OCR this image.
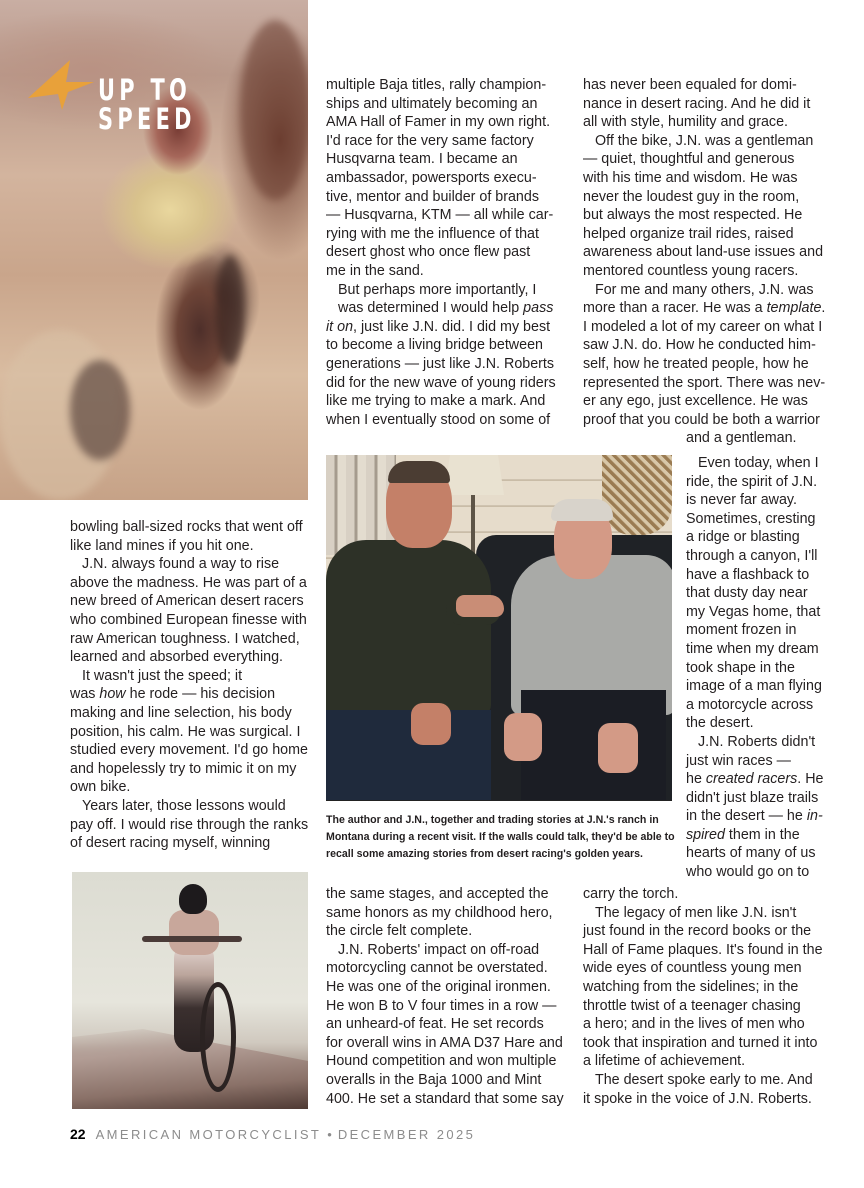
UP TO SPEED

multiple Baja titles, rally champion-
ships and ultimately becoming an
AMA Hall of Famer in my own right.
I'd race for the very same factory
Husqvarna team. I became an
ambassador, powersports execu-
tive, mentor and builder of brands
— Husqvarna, KTM — all while car-
rying with me the influence of that
desert ghost who once flew past
me in the sand.

But perhaps more importantly, I
was determined I would help pass
it on, just like J.N. did. I did my best
to become a living bridge between
generations — just like J.N. Roberts
did for the new wave of young riders
like me trying to make a mark. And
when I eventually stood on some of

has never been equaled for domi-
nance in desert racing. And he did it
all with style, humility and grace.

Off the bike, J.N. was a gentleman
— quiet, thoughtful and generous
with his time and wisdom. He was
never the loudest guy in the room,
but always the most respected. He
helped organize trail rides, raised
awareness about land-use issues and
mentored countless young racers.

For me and many others, J.N. was
more than a racer. He was a template.
I modeled a lot of my career on what I
saw J.N. do. How he conducted him-
self, how he treated people, how he
represented the sport. There was nev-
er any ego, just excellence. He was
proof that you could be both a warrior
and a gentleman.

Even today, when I
ride, the spirit of J.N.
is never far away.
Sometimes, cresting
a ridge or blasting
through a canyon, I'll
have a flashback to
that dusty day near
my Vegas home, that
moment frozen in
time when my dream
took shape in the
image of a man flying
a motorcycle across
the desert.

J.N. Roberts didn't
just win races —
he created racers. He
didn't just blaze trails
in the desert — he in-
spired them in the
hearts of many of us
who would go on to

The author and J.N., together and trading stories at J.N.'s ranch in
Montana during a recent visit. If the walls could talk, they'd be able to
recall some amazing stories from desert racing's golden years.

bowling ball-sized rocks that went off
like land mines if you hit one.

J.N. always found a way to rise
above the madness. He was part of a
new breed of American desert racers
who combined European finesse with
raw American toughness. I watched,
learned and absorbed everything.

It wasn't just the speed; it
was how he rode — his decision
making and line selection, his body
position, his calm. He was surgical. I
studied every movement. I'd go home
and hopelessly try to mimic it on my
own bike.

Years later, those lessons would
pay off. I would rise through the ranks
of desert racing myself, winning

the same stages, and accepted the
same honors as my childhood hero,
the circle felt complete.

J.N. Roberts' impact on off-road
motorcycling cannot be overstated.
He was one of the original ironmen.
He won B to V four times in a row —
an unheard-of feat. He set records
for overall wins in AMA D37 Hare and
Hound competition and won multiple
overalls in the Baja 1000 and Mint
400. He set a standard that some say

carry the torch.

The legacy of men like J.N. isn't
just found in the record books or the
Hall of Fame plaques. It's found in the
wide eyes of countless young men
watching from the sidelines; in the
throttle twist of a teenager chasing
a hero; and in the lives of men who
took that inspiration and turned it into
a lifetime of achievement.

The desert spoke early to me. And
it spoke in the voice of J.N. Roberts.

22 AMERICAN MOTORCYCLIST • DECEMBER 2025
